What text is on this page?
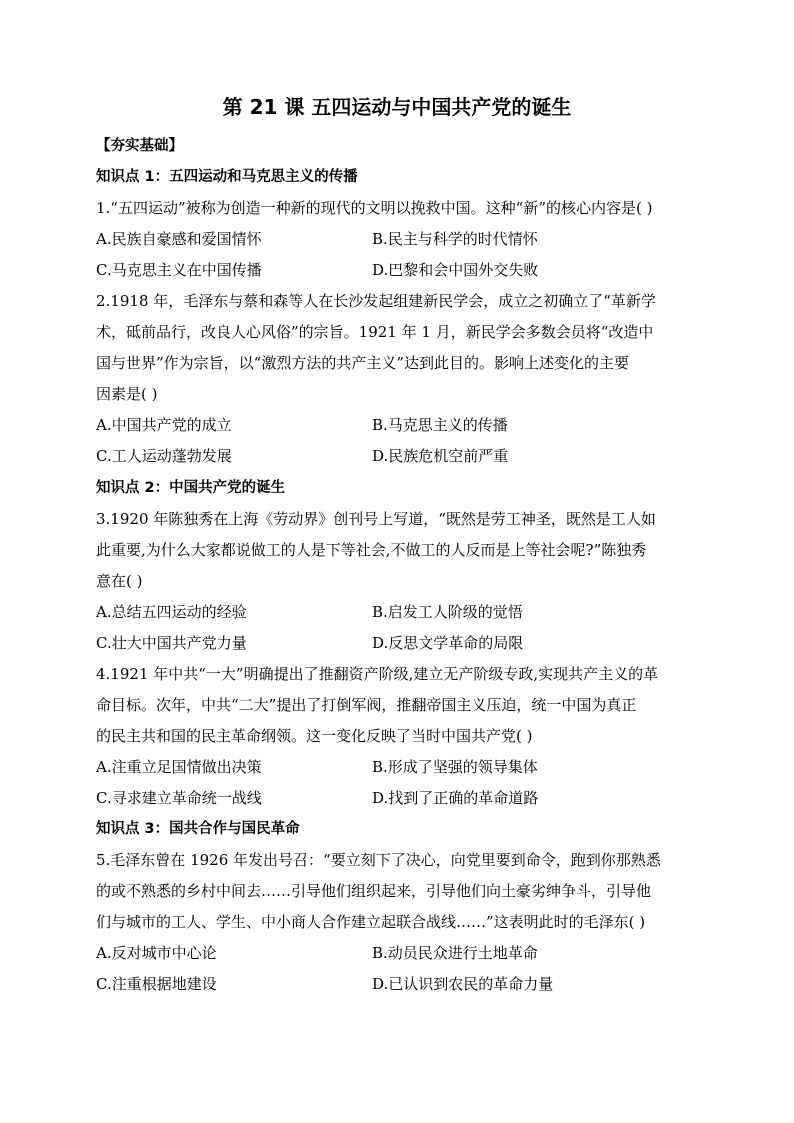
第 21 课 五四运动与中国共产党的诞生
【夯实基础】
知识点 1：五四运动和马克思主义的传播
1.“五四运动”被称为创造一种新的现代的文明以挽救中国。这种“新”的核心内容是( )
A.民族自豪感和爱国情怀	B.民主与科学的时代情怀
C.马克思主义在中国传播	D.巴黎和会中国外交失败
2.1918 年，毛泽东与蔡和森等人在长沙发起组建新民学会，成立之初确立了“革新学
术，砥前品行，改良人心风俗”的宗旨。1921 年 1 月，新民学会多数会员将“改造中
国与世界”作为宗旨，以“激烈方法的共产主义”达到此目的。影响上述变化的主要
因素是( )
A.中国共产党的成立	B.马克思主义的传播
C.工人运动蓬勃发展	D.民族危机空前严重
知识点 2：中国共产党的诞生
3.1920 年陈独秀在上海《劳动界》创刊号上写道，“既然是劳工神圣，既然是工人如
此重要,为什么大家都说做工的人是下等社会,不做工的人反而是上等社会呢?”陈独秀
意在( )
A.总结五四运动的经验	B.启发工人阶级的觉悟
C.壮大中国共产党力量	D.反思文学革命的局限
4.1921 年中共“一大”明确提出了推翻资产阶级,建立无产阶级专政,实现共产主义的革
命目标。次年，中共“二大”提出了打倒军阀，推翻帝国主义压迫，统一中国为真正
的民主共和国的民主革命纲领。这一变化反映了当时中国共产党( )
A.注重立足国情做出决策	B.形成了坚强的领导集体
C.寻求建立革命统一战线	D.找到了正确的革命道路
知识点 3：国共合作与国民革命
5.毛泽东曾在 1926 年发出号召：“要立刻下了决心，向党里要到命令，跑到你那熟悉
的或不熟悉的乡村中间去……引导他们组织起来，引导他们向土豪劣绅争斗，引导他
们与城市的工人、学生、中小商人合作建立起联合战线……”这表明此时的毛泽东( )
A.反对城市中心论	B.动员民众进行土地革命
C.注重根据地建设	D.已认识到农民的革命力量
